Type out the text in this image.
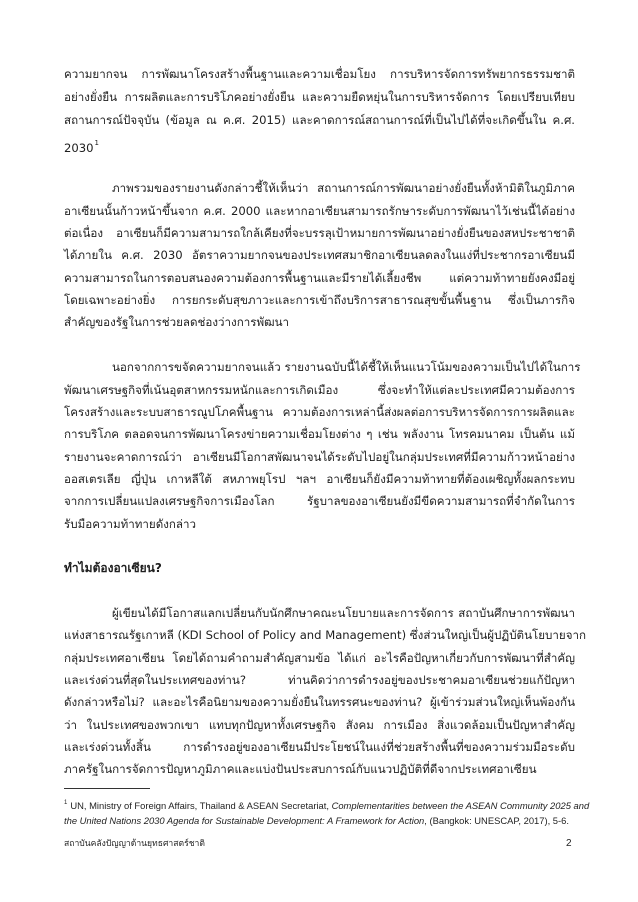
ความยากจน การพัฒนาโครงสร้างพื้นฐานและความเชื่อมโยง การบริหารจัดการทรัพยากรธรรมชาติ
อย่างยั่งยืน การผลิตและการบริโภคอย่างยั่งยืน และความยืดหยุ่นในการบริหารจัดการ โดยเปรียบเทียบ
สถานการณ์ปัจจุบัน (ข้อมูล ณ ค.ศ. 2015) และคาดการณ์สถานการณ์ที่เป็นไปได้ที่จะเกิดขึ้นใน ค.ศ.
2030$^1$
ภาพรวมของรายงานดังกล่าวชี้ให้เห็นว่า สถานการณ์การพัฒนาอย่างยั่งยืนทั้งห้ามิติในภูมิภาค
อาเซียนนั้นก้าวหน้าขึ้นจาก ค.ศ. 2000 และหากอาเซียนสามารถรักษาระดับการพัฒนาไว้เช่นนี้ได้อย่าง
ต่อเนื่อง อาเซียนก็มีความสามารถใกล้เคียงที่จะบรรลุเป้าหมายการพัฒนาอย่างยั่งยืนของสหประชาชาติ
ได้ภายใน ค.ศ. 2030 อัตราความยากจนของประเทศสมาชิกอาเซียนลดลงในแง่ที่ประชากรอาเซียนมี
ความสามารถในการตอบสนองความต้องการพื้นฐานและมีรายได้เลี้ยงชีพ แต่ความท้าทายยังคงมีอยู่
โดยเฉพาะอย่างยิ่ง การยกระดับสุขภาวะและการเข้าถึงบริการสาธารณสุขขั้นพื้นฐาน ซึ่งเป็นภารกิจ
สำคัญของรัฐในการช่วยลดช่องว่างการพัฒนา
นอกจากการขจัดความยากจนแล้ว รายงานฉบับนี้ได้ชี้ให้เห็นแนวโน้มของความเป็นไปได้ในการ
พัฒนาเศรษฐกิจที่เน้นอุตสาหกรรมหนักและการเกิดเมือง ซึ่งจะทำให้แต่ละประเทศมีความต้องการ
โครงสร้างและระบบสาธารณูปโภคพื้นฐาน ความต้องการเหล่านี้ส่งผลต่อการบริหารจัดการการผลิตและ
การบริโภค ตลอดจนการพัฒนาโครงข่ายความเชื่อมโยงต่าง ๆ เช่น พลังงาน โทรคมนาคม เป็นต้น แม้
รายงานจะคาดการณ์ว่า อาเซียนมีโอกาสพัฒนาจนได้ระดับไปอยู่ในกลุ่มประเทศที่มีความก้าวหน้าอย่าง
ออสเตรเลีย ญี่ปุ่น เกาหลีใต้ สหภาพยุโรป ฯลฯ อาเซียนก็ยังมีความท้าทายที่ต้องเผชิญทั้งผลกระทบ
จากการเปลี่ยนแปลงเศรษฐกิจการเมืองโลก รัฐบาลของอาเซียนยังมีขีดความสามารถที่จำกัดในการ
รับมือความท้าทายดังกล่าว
ทำไมต้องอาเซียน?
ผู้เขียนได้มีโอกาสแลกเปลี่ยนกับนักศึกษาคณะนโยบายและการจัดการ สถาบันศึกษาการพัฒนา
แห่งสาธารณรัฐเกาหลี (KDI School of Policy and Management) ซึ่งส่วนใหญ่เป็นผู้ปฏิบัตินโยบายจาก
กลุ่มประเทศอาเซียน โดยได้ถามคำถามสำคัญสามข้อ ได้แก่ อะไรคือปัญหาเกี่ยวกับการพัฒนาที่สำคัญ
และเร่งด่วนที่สุดในประเทศของท่าน? ท่านคิดว่าการดำรงอยู่ของประชาคมอาเซียนช่วยแก้ปัญหา
ดังกล่าวหรือไม่? และอะไรคือนิยามของความยั่งยืนในทรรศนะของท่าน? ผู้เข้าร่วมส่วนใหญ่เห็นพ้องกัน
ว่า ในประเทศของพวกเขา แทบทุกปัญหาทั้งเศรษฐกิจ สังคม การเมือง สิ่งแวดล้อมเป็นปัญหาสำคัญ
และเร่งด่วนทั้งสิ้น การดำรงอยู่ของอาเซียนมีประโยชน์ในแง่ที่ช่วยสร้างพื้นที่ของความร่วมมือระดับ
ภาครัฐในการจัดการปัญหาภูมิภาคและแบ่งปันประสบการณ์กับแนวปฏิบัติที่ดีจากประเทศอาเซียน
$^1$ UN, Ministry of Foreign Affairs, Thailand & ASEAN Secretariat, Complementarities between the ASEAN Community 2025 and
the United Nations 2030 Agenda for Sustainable Development: A Framework for Action, (Bangkok: UNESCAP, 2017), 5-6.
สถาบันคลังปัญญาด้านยุทธศาสตร์ชาติ	2
